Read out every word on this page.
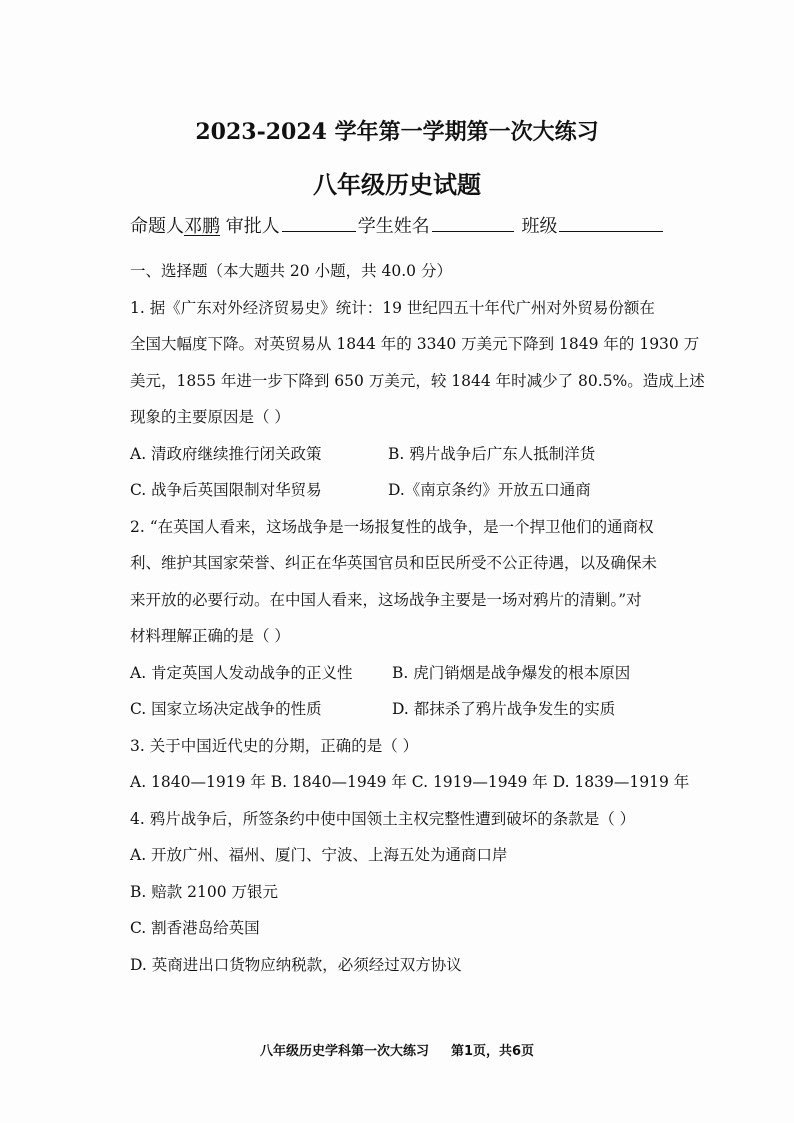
2023-2024 学年第一学期第一次大练习
八年级历史试题
命题人邓鹏 审批人	学生姓名	班级
一、选择题（本大题共 20 小题，共 40.0 分）
1. 据《广东对外经济贸易史》统计：19 世纪四五十年代广州对外贸易份额在
全国大幅度下降。对英贸易从 1844 年的 3340 万美元下降到 1849 年的 1930 万
美元，1855 年进一步下降到 650 万美元，较 1844 年时减少了 80.5%。造成上述
现象的主要原因是（ ）
A. 清政府继续推行闭关政策	B. 鸦片战争后广东人抵制洋货
C. 战争后英国限制对华贸易	D.《南京条约》开放五口通商
2. “在英国人看来，这场战争是一场报复性的战争，是一个捍卫他们的通商权
利、维护其国家荣誉、纠正在华英国官员和臣民所受不公正待遇，以及确保未
来开放的必要行动。在中国人看来，这场战争主要是一场对鸦片的清剿。”对
材料理解正确的是（ ）
A. 肯定英国人发动战争的正义性	B. 虎门销烟是战争爆发的根本原因
C. 国家立场决定战争的性质	D. 都抹杀了鸦片战争发生的实质
3. 关于中国近代史的分期，正确的是（ ）
A. 1840—1919 年 B. 1840—1949 年 C. 1919—1949 年 D. 1839—1919 年
4. 鸦片战争后，所签条约中使中国领土主权完整性遭到破坏的条款是（ ）
A. 开放广州、福州、厦门、宁波、上海五处为通商口岸
B. 赔款 2100 万银元
C. 割香港岛给英国
D. 英商进出口货物应纳税款，必须经过双方协议
八年级历史学科第一次大练习 第1页，共6页
